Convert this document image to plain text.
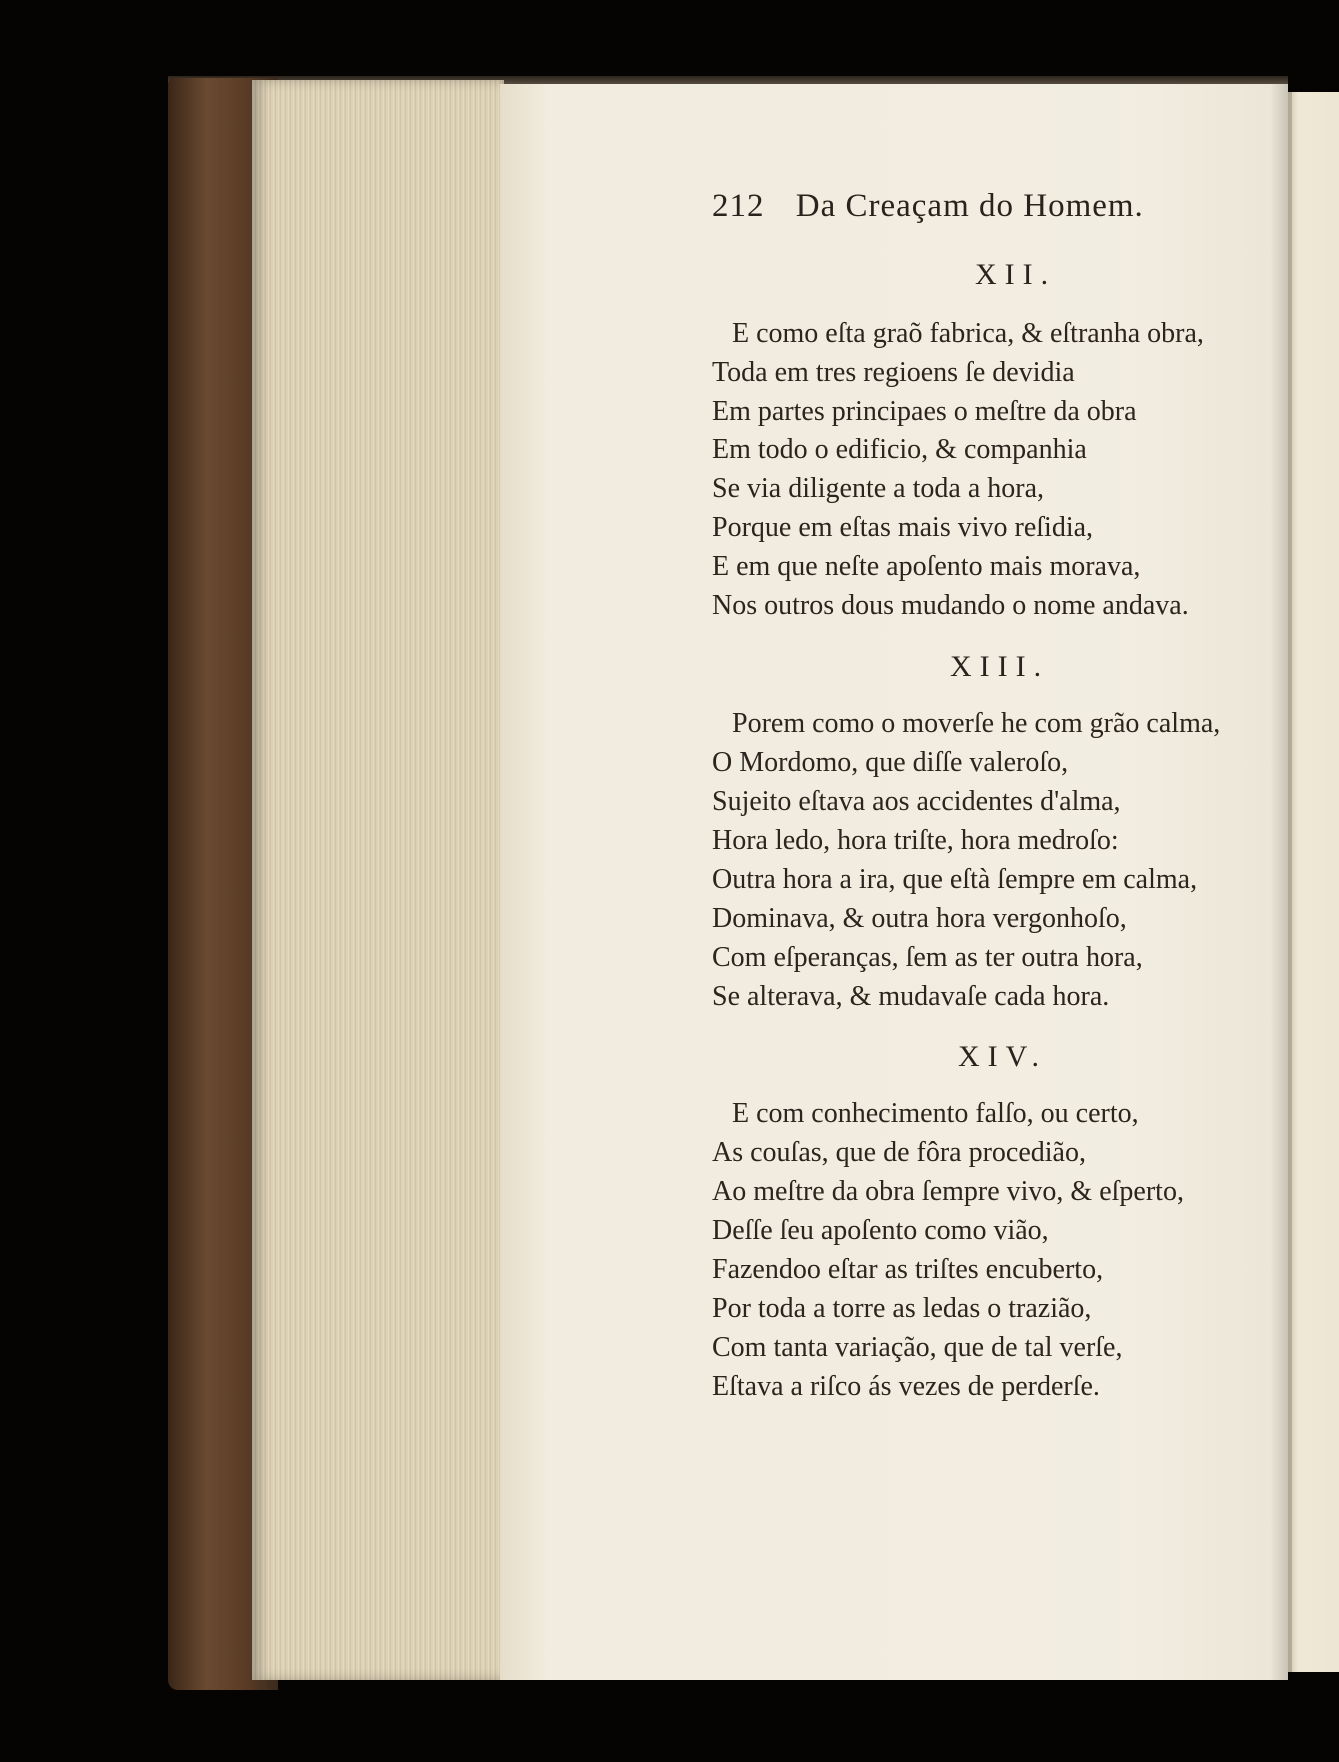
212 Da Creaçam do Homem.
XII.
E como eſta graõ fabrica, & eſtranha obra,
Toda em tres regioens ſe devidia
Em partes principaes o meſtre da obra
Em todo o edificio, & companhia
Se via diligente a toda a hora,
Porque em eſtas mais vivo reſidia,
E em que neſte apoſento mais morava,
Nos outros dous mudando o nome andava.
XIII.
Porem como o moverſe he com grão calma,
O Mordomo, que diſſe valeroſo,
Sujeito eſtava aos accidentes d'alma,
Hora ledo, hora triſte, hora medroſo:
Outra hora a ira, que eſtà ſempre em calma,
Dominava, & outra hora vergonhoſo,
Com eſperanças, ſem as ter outra hora,
Se alterava, & mudavaſe cada hora.
XIV.
E com conhecimento falſo, ou certo,
As couſas, que de fôra procedião,
Ao meſtre da obra ſempre vivo, & eſperto,
Deſſe ſeu apoſento como vião,
Fazendoo eſtar as triſtes encuberto,
Por toda a torre as ledas o trazião,
Com tanta variação, que de tal verſe,
Eſtava a riſco ás vezes de perderſe.
